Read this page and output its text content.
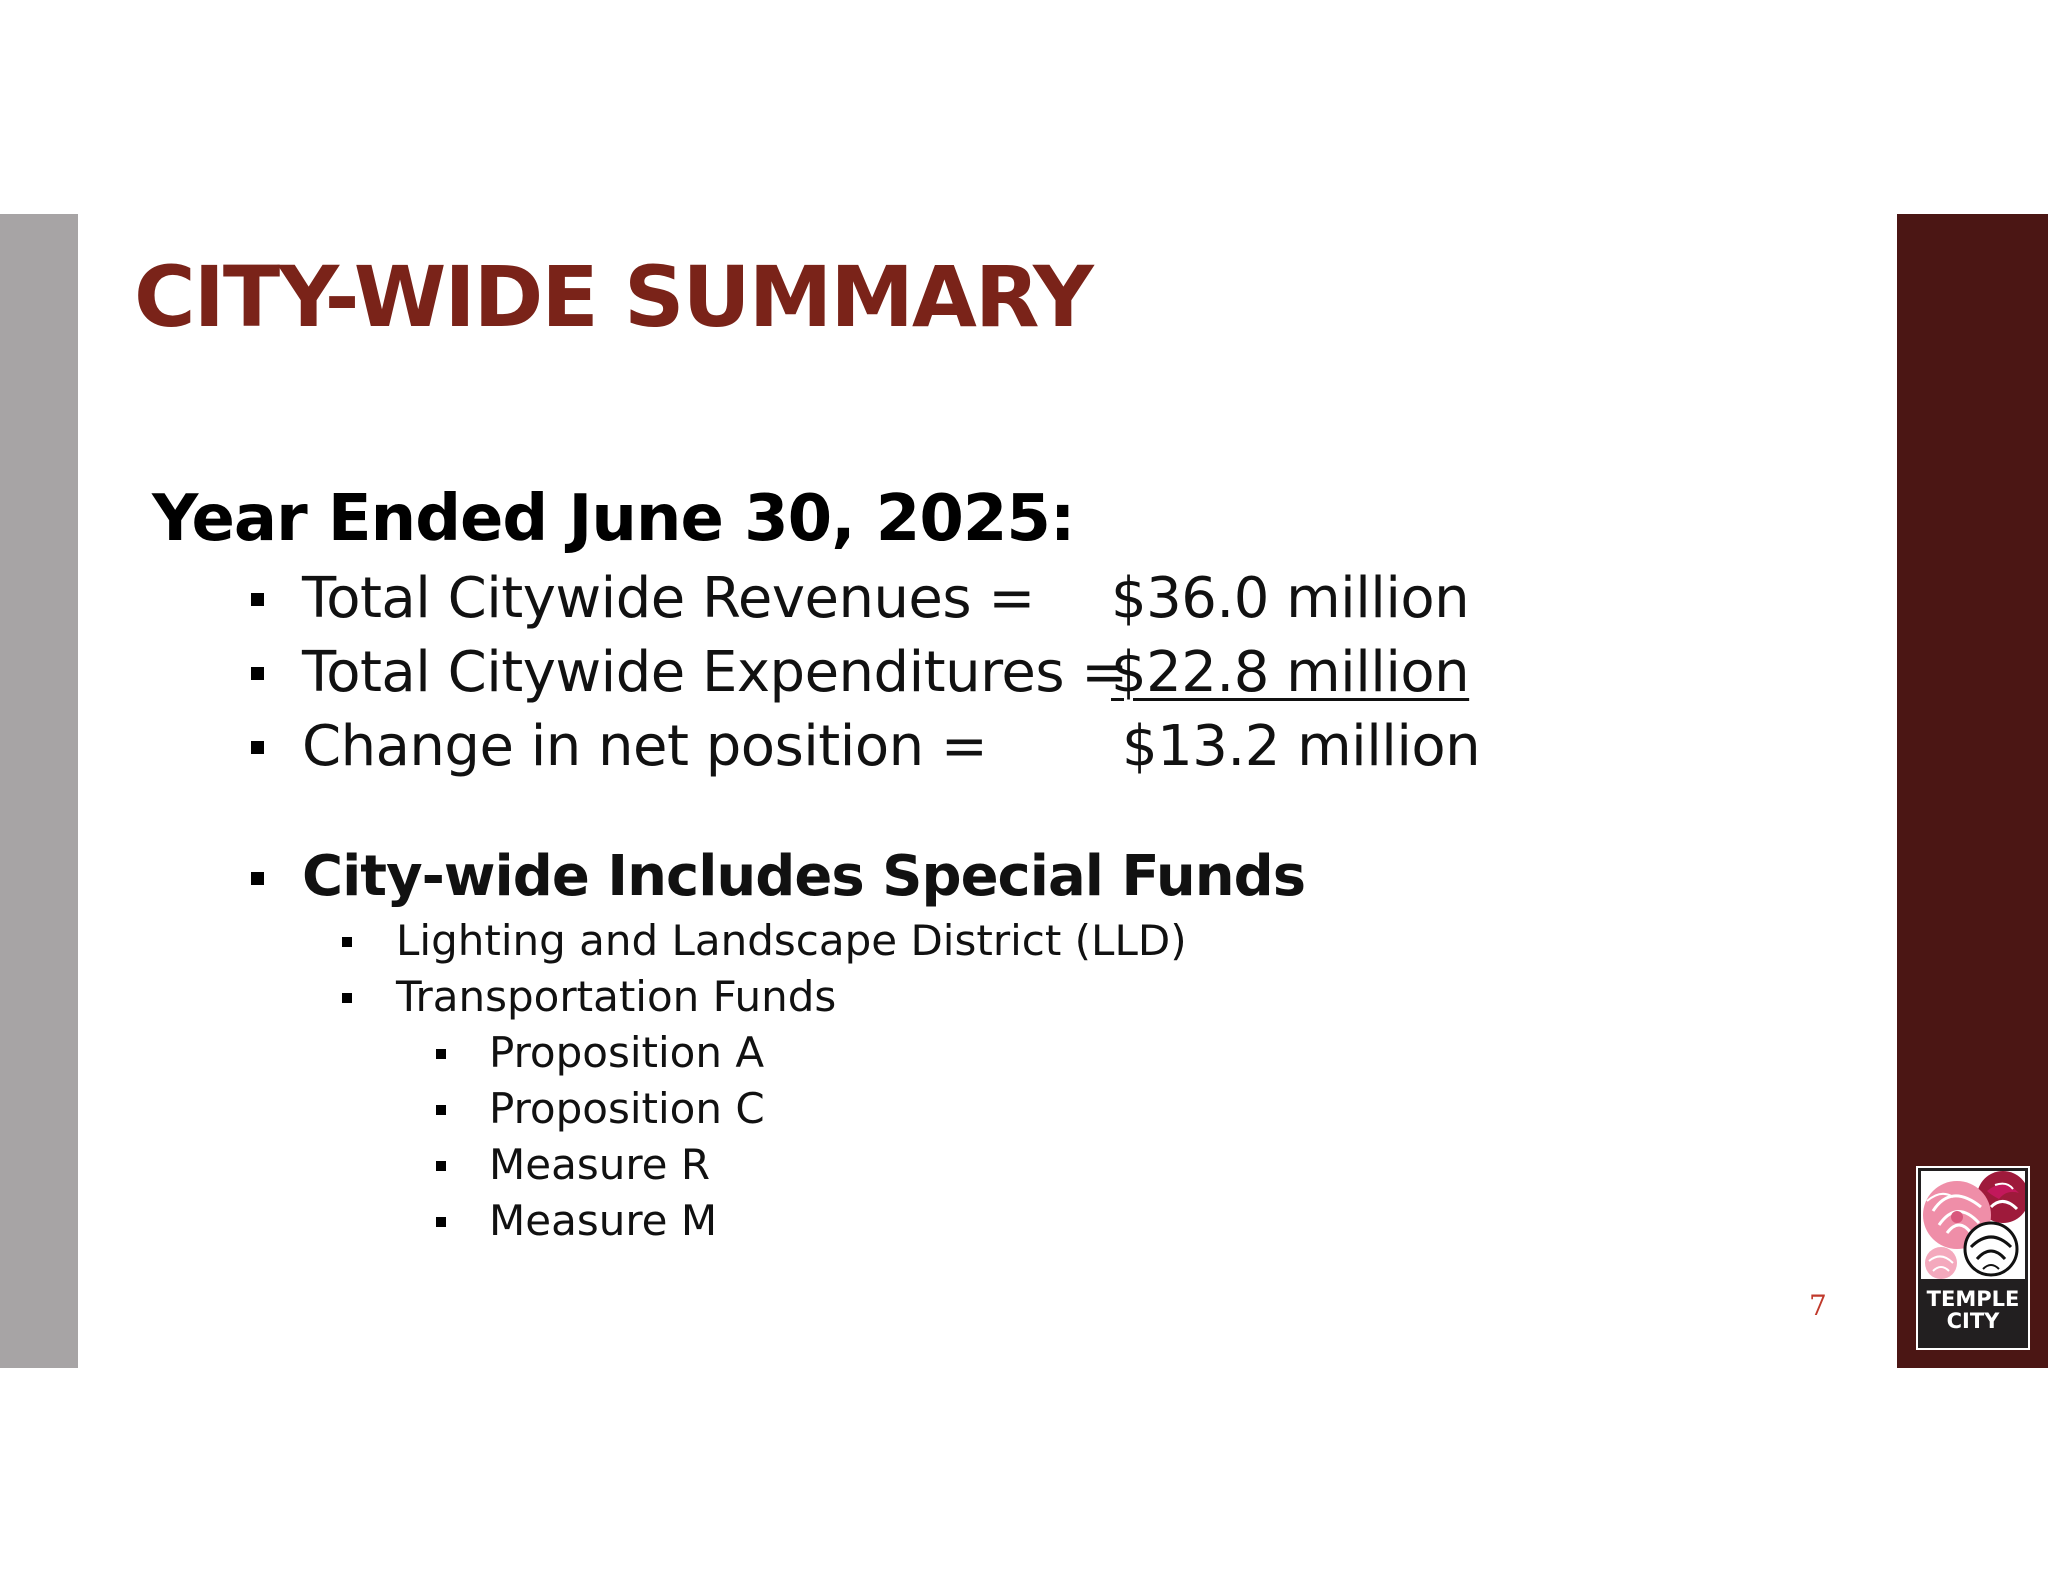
CITY-WIDE SUMMARY
Year Ended June 30, 2025:
Total Citywide Revenues = $36.0 million
Total Citywide Expenditures =
$22.8 million
Change in net position = $13.2 million
City-wide Includes Special Funds
Lighting and Landscape District (LLD)
Transportation Funds
Proposition A
Proposition C
Measure R
Measure M
7	TEMPLE
CITY
